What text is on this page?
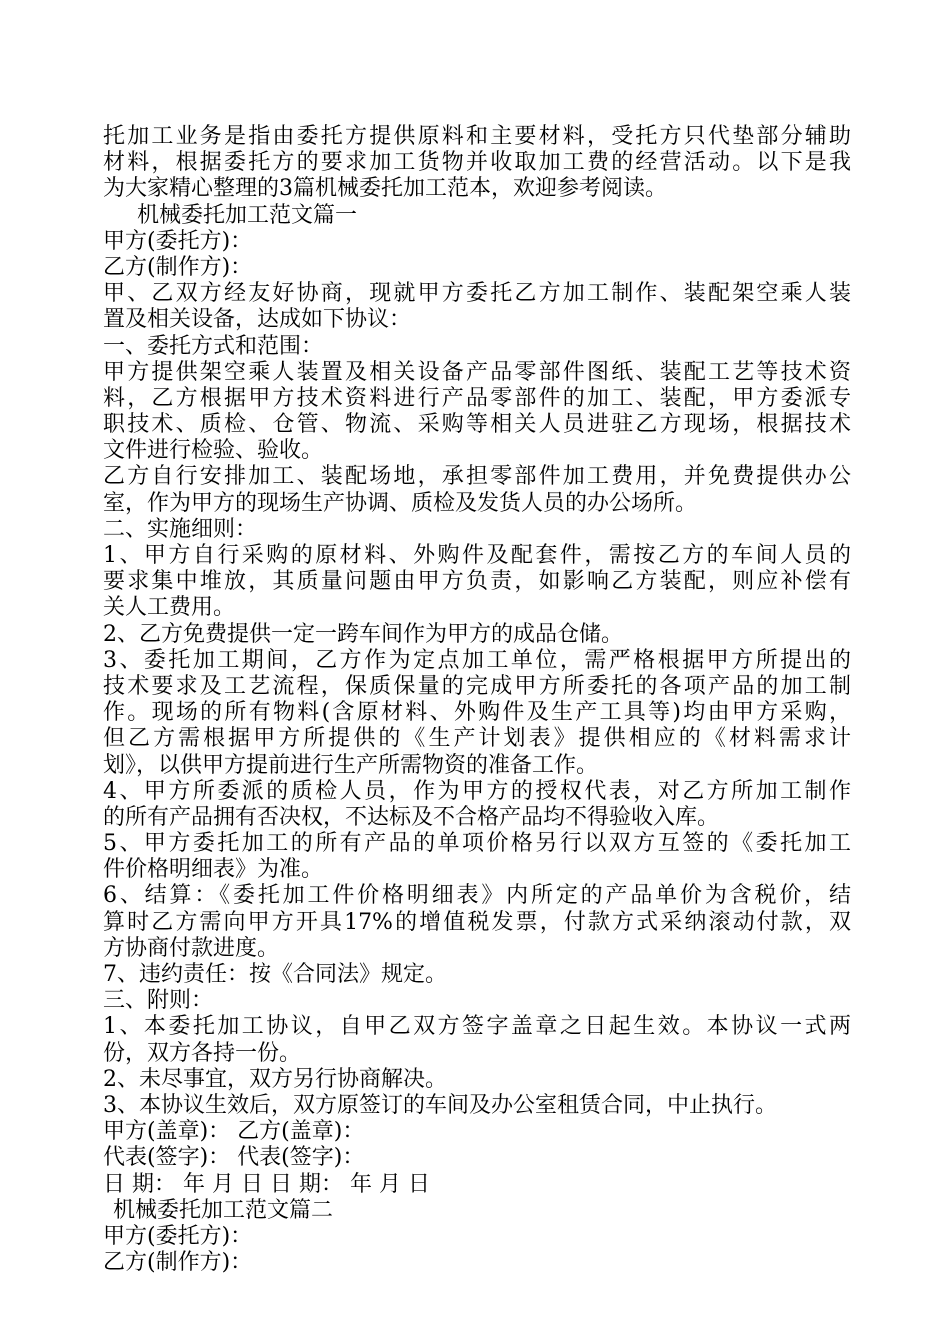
托加工业务是指由委托方提供原料和主要材料，受托方只代垫部分辅助
材料，根据委托方的要求加工货物并收取加工费的经营活动。以下是我
为大家精心整理的3篇机械委托加工范本，欢迎参考阅读。
机械委托加工范文篇一
甲方(委托方)：
乙方(制作方)：
甲、乙双方经友好协商，现就甲方委托乙方加工制作、装配架空乘人装
置及相关设备，达成如下协议：
一、委托方式和范围：
甲方提供架空乘人装置及相关设备产品零部件图纸、装配工艺等技术资
料，乙方根据甲方技术资料进行产品零部件的加工、装配，甲方委派专
职技术、质检、仓管、物流、采购等相关人员进驻乙方现场，根据技术
文件进行检验、验收。
乙方自行安排加工、装配场地，承担零部件加工费用，并免费提供办公
室，作为甲方的现场生产协调、质检及发货人员的办公场所。
二、实施细则：
1、甲方自行采购的原材料、外购件及配套件，需按乙方的车间人员的
要求集中堆放，其质量问题由甲方负责，如影响乙方装配，则应补偿有
关人工费用。
2、乙方免费提供一定一跨车间作为甲方的成品仓储。
3、委托加工期间，乙方作为定点加工单位，需严格根据甲方所提出的
技术要求及工艺流程，保质保量的完成甲方所委托的各项产品的加工制
作。现场的所有物料(含原材料、外购件及生产工具等)均由甲方采购，
但乙方需根据甲方所提供的《生产计划表》提供相应的《材料需求计
划》，以供甲方提前进行生产所需物资的准备工作。
4、甲方所委派的质检人员，作为甲方的授权代表，对乙方所加工制作
的所有产品拥有否决权，不达标及不合格产品均不得验收入库。
5、甲方委托加工的所有产品的单项价格另行以双方互签的《委托加工
件价格明细表》为准。
6、结算：《委托加工件价格明细表》内所定的产品单价为含税价，结
算时乙方需向甲方开具17%的增值税发票，付款方式采纳滚动付款，双
方协商付款进度。
7、违约责任：按《合同法》规定。
三、附则：
1、本委托加工协议，自甲乙双方签字盖章之日起生效。本协议一式两
份，双方各持一份。
2、未尽事宜，双方另行协商解决。
3、本协议生效后，双方原签订的车间及办公室租赁合同，中止执行。
甲方(盖章)： 乙方(盖章)：
代表(签字)： 代表(签字)：
日 期： 年 月 日 日 期： 年 月 日
机械委托加工范文篇二
甲方(委托方)：
乙方(制作方)：
